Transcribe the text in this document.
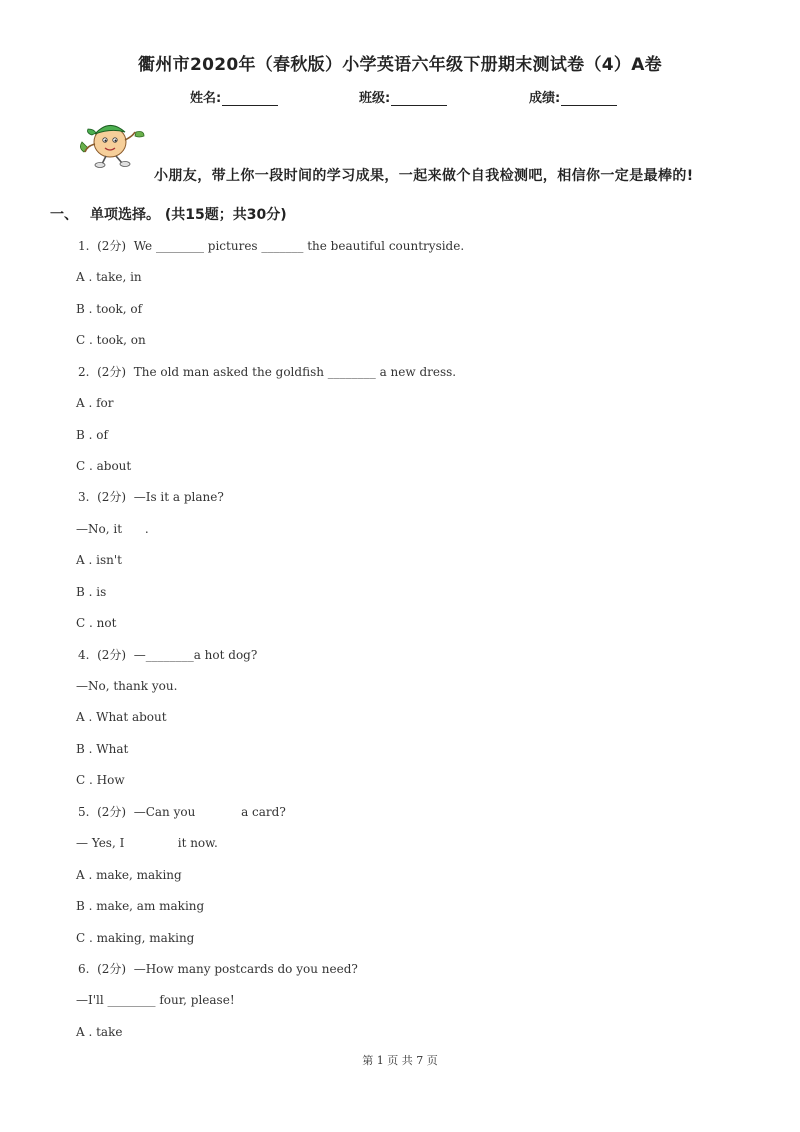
衢州市2020年（春秋版）小学英语六年级下册期末测试卷（4）A卷
姓名:	班级:	成绩:
小朋友，带上你一段时间的学习成果，一起来做个自我检测吧，相信你一定是最棒的!
一、 单项选择。 (共15题；共30分)
1.  (2分)  We ________ pictures _______ the beautiful countryside.
A . take, in
B . took, of
C . took, on
2.  (2分)  The old man asked the goldfish ________ a new dress.
A . for
B . of
C . about
3.  (2分)  —Is it a plane?
—No, it      .
A . isn't
B . is
C . not
4.  (2分)  —________a hot dog?
—No, thank you.
A . What about
B . What
C . How
5.  (2分)  —Can you            a card?
— Yes, I              it now.
A . make, making
B . make, am making
C . making, making
6.  (2分)  —How many postcards do you need?
—I'll ________ four, please!
A . take
第 1 页 共 7 页
